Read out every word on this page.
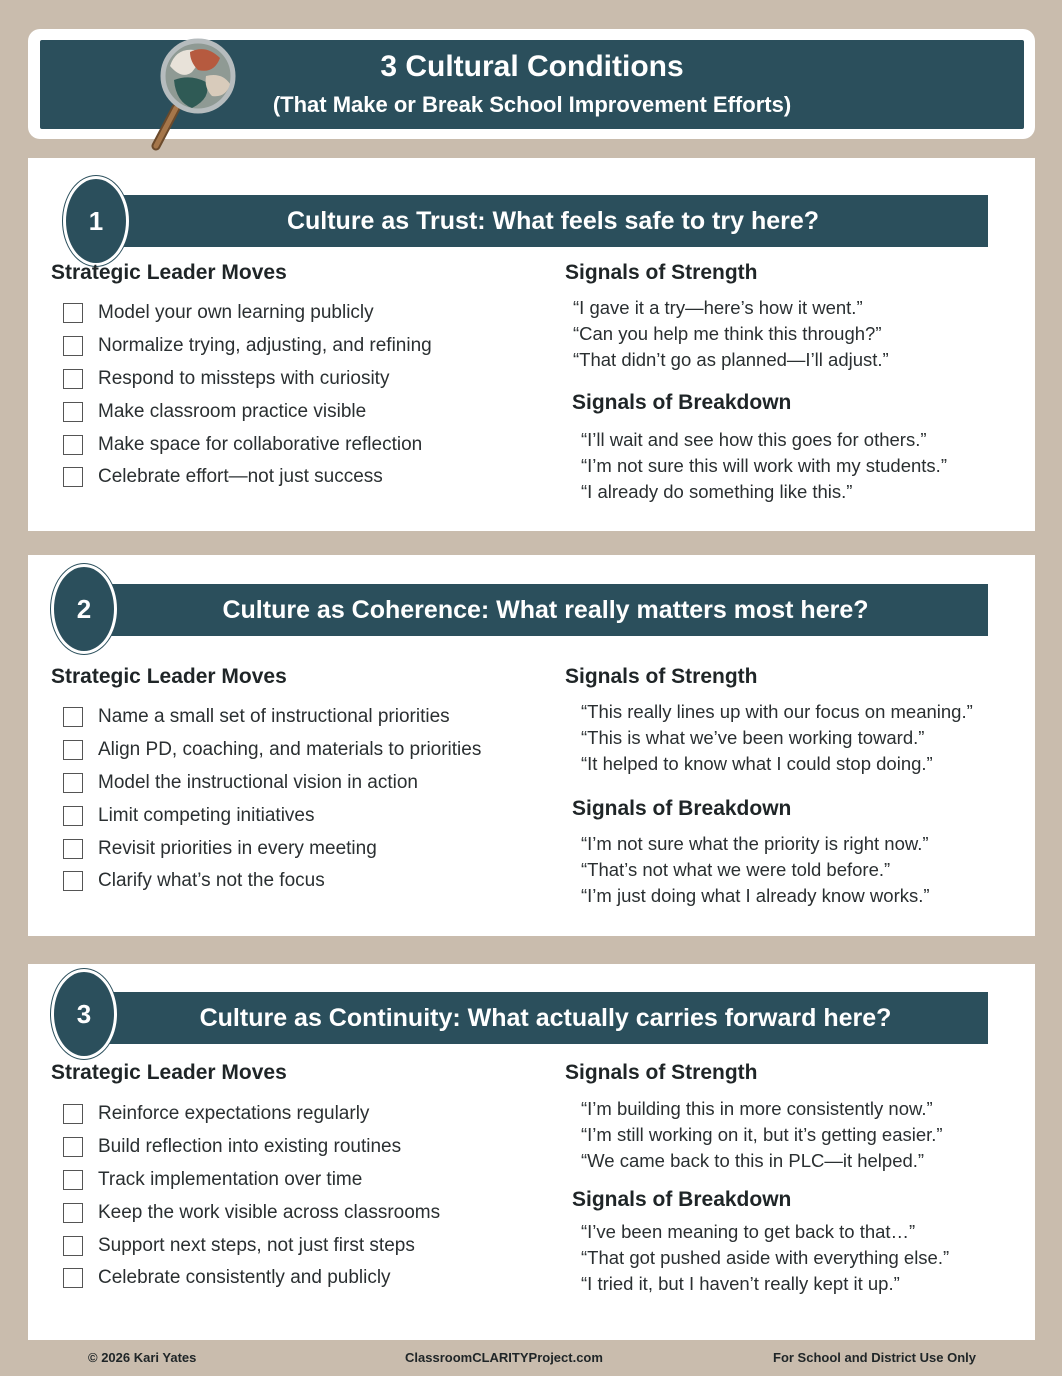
3 Cultural Conditions
(That Make or Break School Improvement Efforts)
Culture as Trust: What feels safe to try here?
1
Strategic Leader Moves
Model your own learning publicly
Normalize trying, adjusting, and refining
Respond to missteps with curiosity
Make classroom practice visible
Make space for collaborative reflection
Celebrate effort—not just success
Signals of Strength
“I gave it a try—here’s how it went.”
“Can you help me think this through?”
“That didn’t go as planned—I’ll adjust.”
Signals of Breakdown
“I’ll wait and see how this goes for others.”
“I’m not sure this will work with my students.”
“I already do something like this.”
Culture as Coherence: What really matters most here?
2
Strategic Leader Moves
Name a small set of instructional priorities
Align PD, coaching, and materials to priorities
Model the instructional vision in action
Limit competing initiatives
Revisit priorities in every meeting
Clarify what’s not the focus
Signals of Strength
“This really lines up with our focus on meaning.”
“This is what we’ve been working toward.”
“It helped to know what I could stop doing.”
Signals of Breakdown
“I’m not sure what the priority is right now.”
“That’s not what we were told before.”
“I’m just doing what I already know works.”
Culture as Continuity: What actually carries forward here?
3
Strategic Leader Moves
Reinforce expectations regularly
Build reflection into existing routines
Track implementation over time
Keep the work visible across classrooms
Support next steps, not just first steps
Celebrate consistently and publicly
Signals of Strength
“I’m building this in more consistently now.”
“I’m still working on it, but it’s getting easier.”
“We came back to this in PLC—it helped.”
Signals of Breakdown
“I’ve been meaning to get back to that…”
“That got pushed aside with everything else.”
“I tried it, but I haven’t really kept it up.”
© 2026 Kari Yates	ClassroomCLARITYProject.com	For School and District Use Only
